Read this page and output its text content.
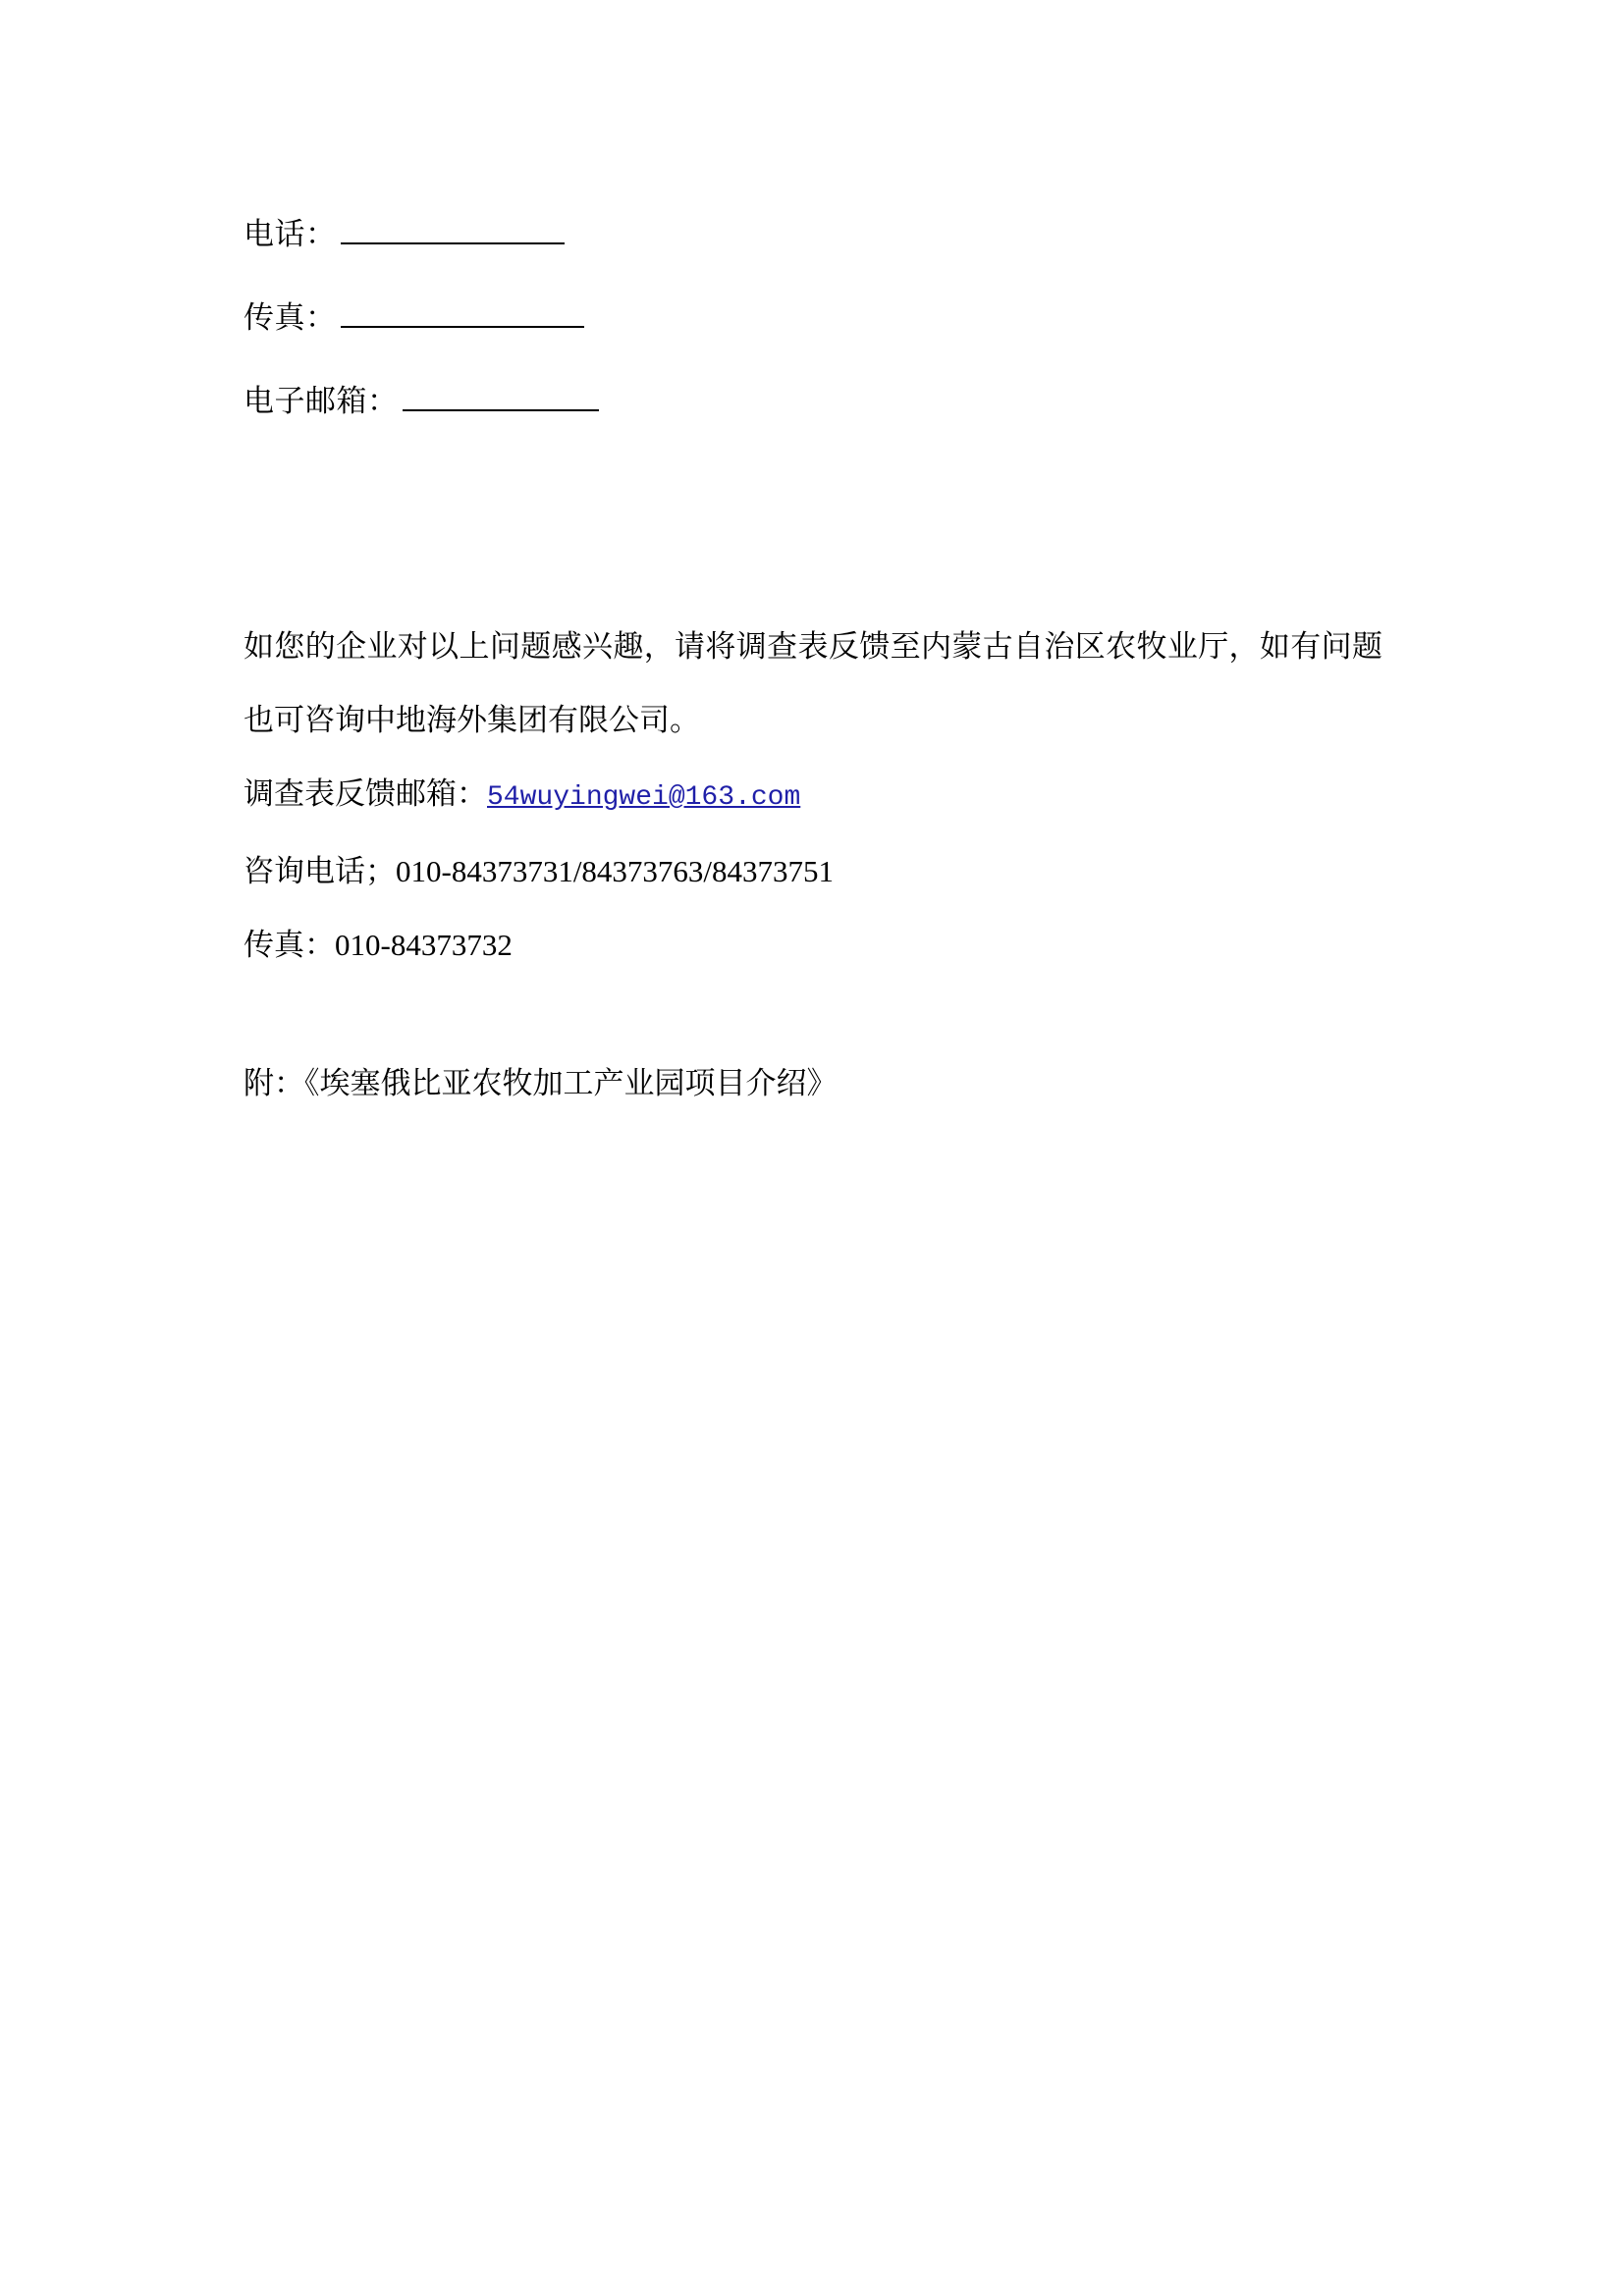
电话：
传真：
电子邮箱：
如您的企业对以上问题感兴趣，请将调查表反馈至内蒙古自治区农牧业厅，如有问题也可咨询中地海外集团有限公司。
调查表反馈邮箱：54wuyingwei@163.com
咨询电话；010-84373731/84373763/84373751
传真：010-84373732
附：《埃塞俄比亚农牧加工产业园项目介绍》
